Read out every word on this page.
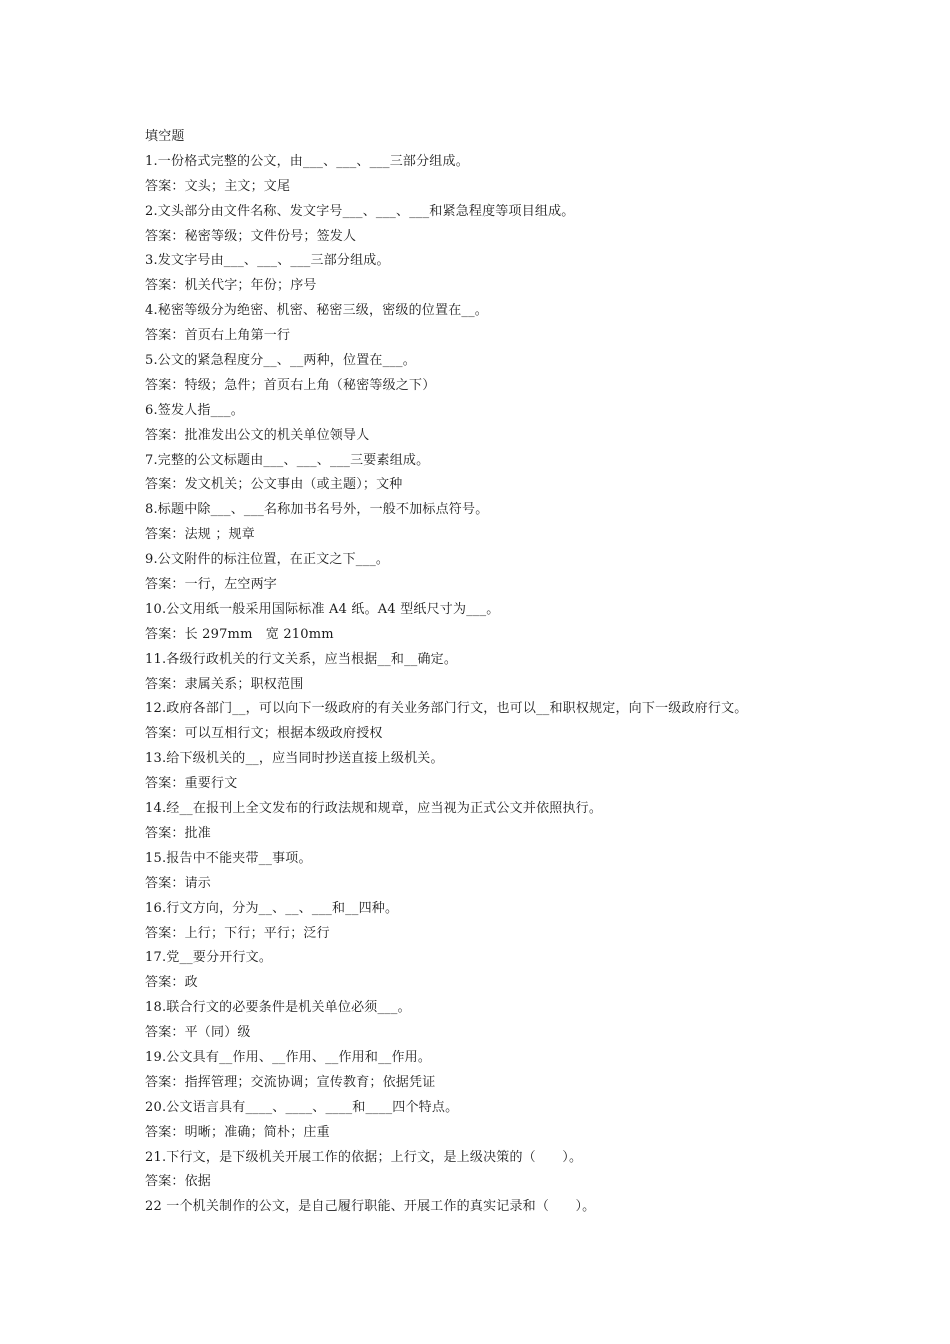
填空题
1.一份格式完整的公文，由___、___、___三部分组成。
答案：文头；主文；文尾
2.文头部分由文件名称、发文字号___、___、___和紧急程度等项目组成。
答案：秘密等级；文件份号；签发人
3.发文字号由___、___、___三部分组成。
答案：机关代字；年份；序号
4.秘密等级分为绝密、机密、秘密三级，密级的位置在__。
答案：首页右上角第一行
5.公文的紧急程度分__、__两种，位置在___。
答案：特级；急件；首页右上角（秘密等级之下）
6.签发人指___。
答案：批准发出公文的机关单位领导人
7.完整的公文标题由___、___、___三要素组成。
答案：发文机关；公文事由（或主题）；文种
8.标题中除___、___名称加书名号外，一般不加标点符号。
答案：法规 ；规章
9.公文附件的标注位置，在正文之下___。
答案：一行，左空两字
10.公文用纸一般采用国际标准 A4 纸。A4 型纸尺寸为___。
答案：长 297mm　宽 210mm
11.各级行政机关的行文关系，应当根据__和__确定。
答案：隶属关系；职权范围
12.政府各部门__，可以向下一级政府的有关业务部门行文，也可以__和职权规定，向下一级政府行文。
答案：可以互相行文；根据本级政府授权
13.给下级机关的__，应当同时抄送直接上级机关。
答案：重要行文
14.经__在报刊上全文发布的行政法规和规章，应当视为正式公文并依照执行。
答案：批准
15.报告中不能夹带__事项。
答案：请示
16.行文方向，分为__、__、___和__四种。
答案：上行；下行；平行；泛行
17.党__要分开行文。
答案：政
18.联合行文的必要条件是机关单位必须___。
答案：平（同）级
19.公文具有__作用、__作用、__作用和__作用。
答案：指挥管理；交流协调；宣传教育；依据凭证
20.公文语言具有____、____、____和____四个特点。
答案：明晰；准确；简朴；庄重
21.下行文，是下级机关开展工作的依据；上行文，是上级决策的（　　）。
答案：依据
22 一个机关制作的公文，是自己履行职能、开展工作的真实记录和（　　）。
